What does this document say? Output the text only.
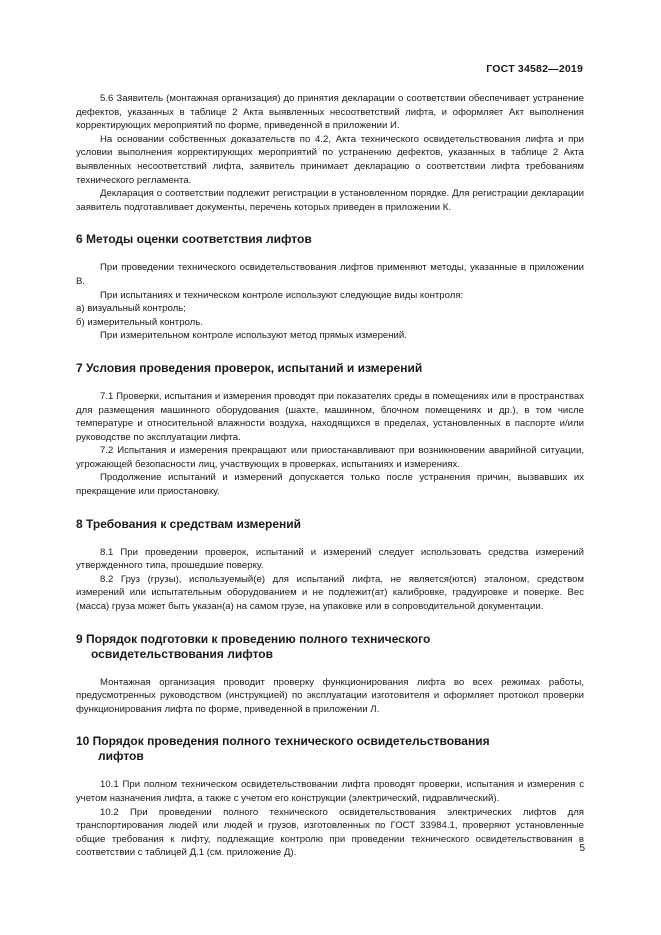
ГОСТ 34582—2019

5.6 Заявитель (монтажная организация) до принятия декларации о соответствии обеспечивает устранение дефектов, указанных в таблице 2 Акта выявленных несоответствий лифта, и оформляет Акт выполнения корректирующих мероприятий по форме, приведенной в приложении И.

На основании собственных доказательств по 4.2, Акта технического освидетельствования лифта и при условии выполнения корректирующих мероприятий по устранению дефектов, указанных в таблице 2 Акта выявленных несоответствий лифта, заявитель принимает декларацию о соответствии лифта требованиям технического регламента.

Декларация о соответствии подлежит регистрации в установленном порядке. Для регистрации декларации заявитель подготавливает документы, перечень которых приведен в приложении К.

6 Методы оценки соответствия лифтов

При проведении технического освидетельствования лифтов применяют методы, указанные в приложении В.

При испытаниях и техническом контроле используют следующие виды контроля:

а) визуальный контроль;

б) измерительный контроль.

При измерительном контроле используют метод прямых измерений.

7 Условия проведения проверок, испытаний и измерений

7.1 Проверки, испытания и измерения проводят при показателях среды в помещениях или в пространствах для размещения машинного оборудования (шахте, машинном, блочном помещениях и др.), в том числе температуре и относительной влажности воздуха, находящихся в пределах, установленных в паспорте и/или руководстве по эксплуатации лифта.

7.2 Испытания и измерения прекращают или приостанавливают при возникновении аварийной ситуации, угрожающей безопасности лиц, участвующих в проверках, испытаниях и измерениях.

Продолжение испытаний и измерений допускается только после устранения причин, вызвавших их прекращение или приостановку.

8 Требования к средствам измерений

8.1 При проведении проверок, испытаний и измерений следует использовать средства измерений утвержденного типа, прошедшие поверку.

8.2 Груз (грузы), используемый(е) для испытаний лифта, не является(ются) эталоном, средством измерений или испытательным оборудованием и не подлежит(ат) калибровке, градуировке и поверке. Вес (масса) груза может быть указан(а) на самом грузе, на упаковке или в сопроводительной документации.

9 Порядок подготовки к проведению полного технического
освидетельствования лифтов

Монтажная организация проводит проверку функционирования лифта во всех режимах работы, предусмотренных руководством (инструкцией) по эксплуатации изготовителя и оформляет протокол проверки функционирования лифта по форме, приведенной в приложении Л.

10 Порядок проведения полного технического освидетельствования
лифтов

10.1 При полном техническом освидетельствовании лифта проводят проверки, испытания и измерения с учетом назначения лифта, а также с учетом его конструкции (электрический, гидравлический).

10.2 При проведении полного технического освидетельствования электрических лифтов для транспортирования людей или людей и грузов, изготовленных по ГОСТ 33984.1, проверяют установленные общие требования к лифту, подлежащие контролю при проведении технического освидетельствования в соответствии с таблицей Д.1 (см. приложение Д).	5
